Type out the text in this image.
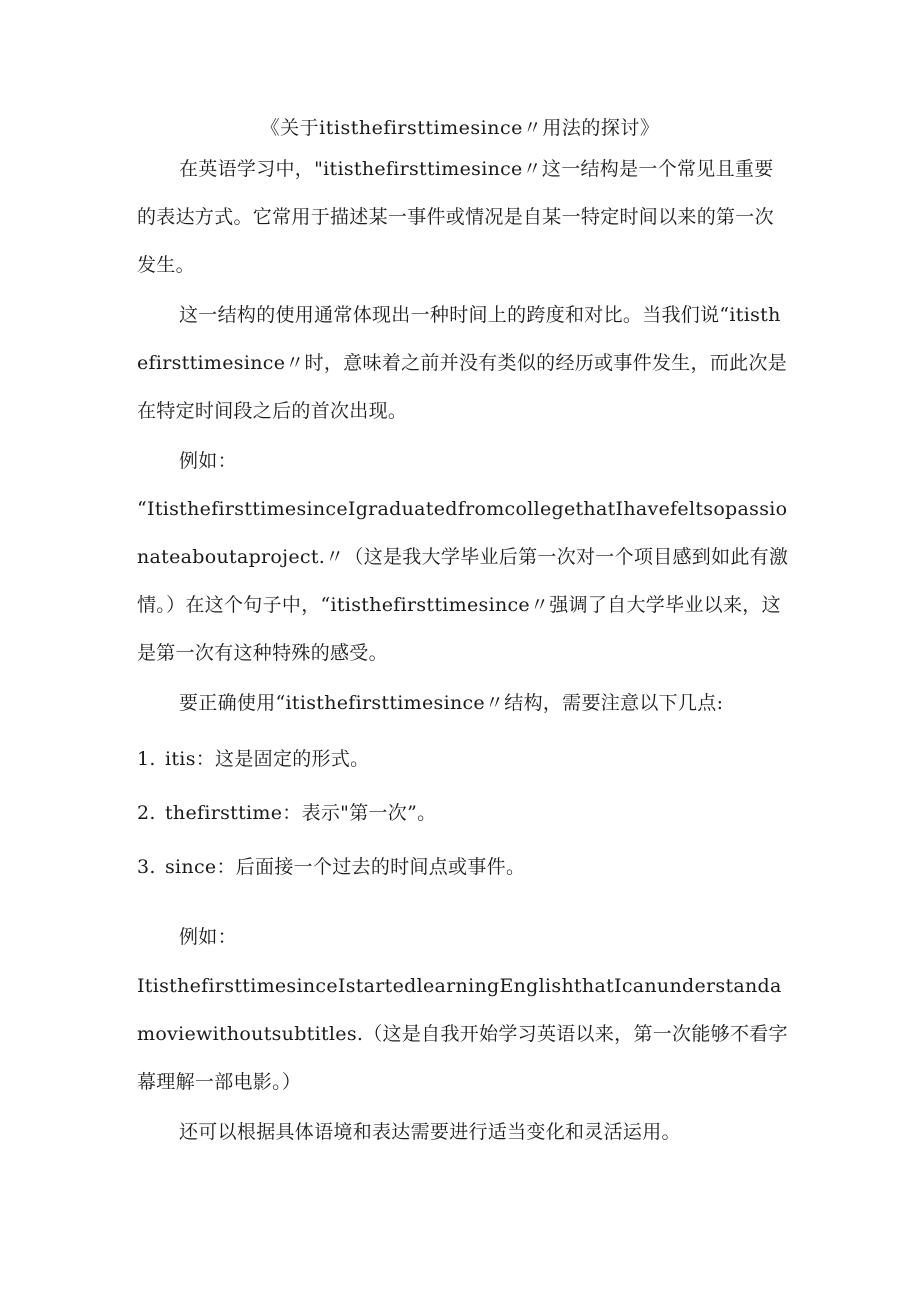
《关于itisthefirsttimesince〃用法的探讨》
在英语学习中，"itisthefirsttimesince〃这一结构是一个常见且重要的表达方式。它常用于描述某一事件或情况是自某一特定时间以来的第一次发生。
这一结构的使用通常体现出一种时间上的跨度和对比。当我们说“itisthefirsttimesince〃时，意味着之前并没有类似的经历或事件发生，而此次是在特定时间段之后的首次出现。
例如：
“ItisthefirsttimesinceIgraduatedfromcollegethatIhavefeltsopassionateaboutaproject.〃（这是我大学毕业后第一次对一个项目感到如此有激情。）在这个句子中，“itisthefirsttimesince〃强调了自大学毕业以来，这是第一次有这种特殊的感受。
要正确使用“itisthefirsttimesince〃结构，需要注意以下几点:
1. itis：这是固定的形式。
2. thefirsttime：表示"第一次”。
3. since：后面接一个过去的时间点或事件。
例如：
ItisthefirsttimesinceIstartedlearningEnglishthatIcanunderstandamoviewithoutsubtitles.（这是自我开始学习英语以来，第一次能够不看字幕理解一部电影。）
还可以根据具体语境和表达需要进行适当变化和灵活运用。
